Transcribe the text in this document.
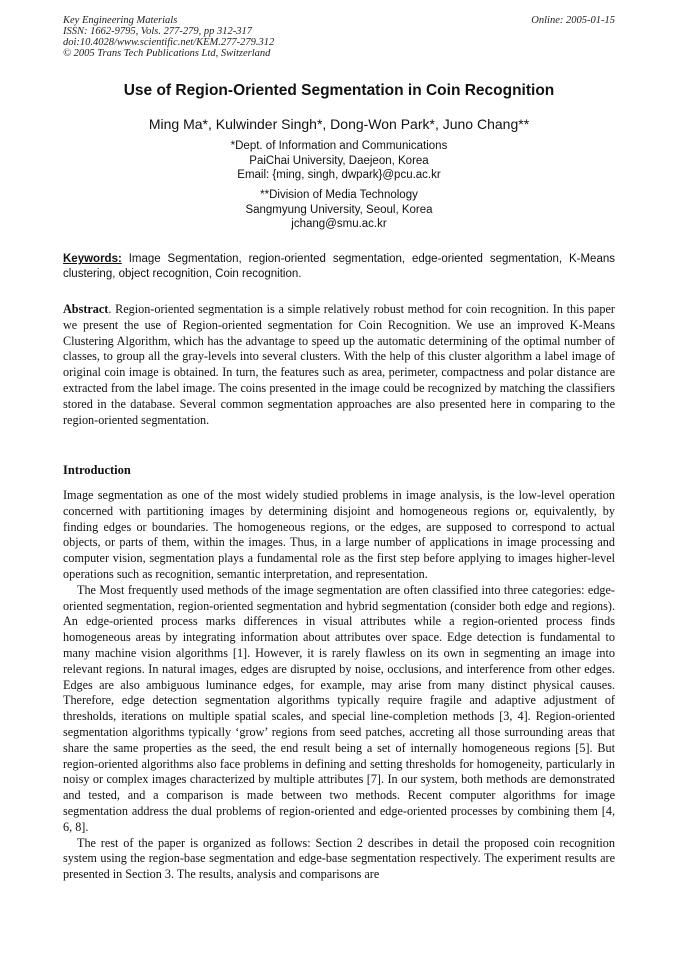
Key Engineering Materials
ISSN: 1662-9795, Vols. 277-279, pp 312-317
doi:10.4028/www.scientific.net/KEM.277-279.312
© 2005 Trans Tech Publications Ltd, Switzerland
Online: 2005-01-15
Use of Region-Oriented Segmentation in Coin Recognition
Ming Ma*, Kulwinder Singh*, Dong-Won Park*, Juno Chang**
*Dept. of Information and Communications
PaiChai University, Daejeon, Korea
Email: {ming, singh, dwpark}@pcu.ac.kr
**Division of Media Technology
Sangmyung University, Seoul, Korea
jchang@smu.ac.kr
Keywords: Image Segmentation, region-oriented segmentation, edge-oriented segmentation, K-Means clustering, object recognition, Coin recognition.
Abstract. Region-oriented segmentation is a simple relatively robust method for coin recognition. In this paper we present the use of Region-oriented segmentation for Coin Recognition. We use an improved K-Means Clustering Algorithm, which has the advantage to speed up the automatic determining of the optimal number of classes, to group all the gray-levels into several clusters. With the help of this cluster algorithm a label image of original coin image is obtained. In turn, the features such as area, perimeter, compactness and polar distance are extracted from the label image. The coins presented in the image could be recognized by matching the classifiers stored in the database. Several common segmentation approaches are also presented here in comparing to the region-oriented segmentation.
Introduction

Image segmentation as one of the most widely studied problems in image analysis, is the low-level operation concerned with partitioning images by determining disjoint and homogeneous regions or, equivalently, by finding edges or boundaries. The homogeneous regions, or the edges, are supposed to correspond to actual objects, or parts of them, within the images. Thus, in a large number of applications in image processing and computer vision, segmentation plays a fundamental role as the first step before applying to images higher-level operations such as recognition, semantic interpretation, and representation.

The Most frequently used methods of the image segmentation are often classified into three categories: edge-oriented segmentation, region-oriented segmentation and hybrid segmentation (consider both edge and regions). An edge-oriented process marks differences in visual attributes while a region-oriented process finds homogeneous areas by integrating information about attributes over space. Edge detection is fundamental to many machine vision algorithms [1]. However, it is rarely flawless on its own in segmenting an image into relevant regions. In natural images, edges are disrupted by noise, occlusions, and interference from other edges. Edges are also ambiguous luminance edges, for example, may arise from many distinct physical causes. Therefore, edge detection segmentation algorithms typically require fragile and adaptive adjustment of thresholds, iterations on multiple spatial scales, and special line-completion methods [3, 4]. Region-oriented segmentation algorithms typically ‘grow’ regions from seed patches, accreting all those surrounding areas that share the same properties as the seed, the end result being a set of internally homogeneous regions [5]. But region-oriented algorithms also face problems in defining and setting thresholds for homogeneity, particularly in noisy or complex images characterized by multiple attributes [7]. In our system, both methods are demonstrated and tested, and a comparison is made between two methods. Recent computer algorithms for image segmentation address the dual problems of region-oriented and edge-oriented processes by combining them [4, 6, 8].

The rest of the paper is organized as follows: Section 2 describes in detail the proposed coin recognition system using the region-base segmentation and edge-base segmentation respectively. The experiment results are presented in Section 3. The results, analysis and comparisons are
